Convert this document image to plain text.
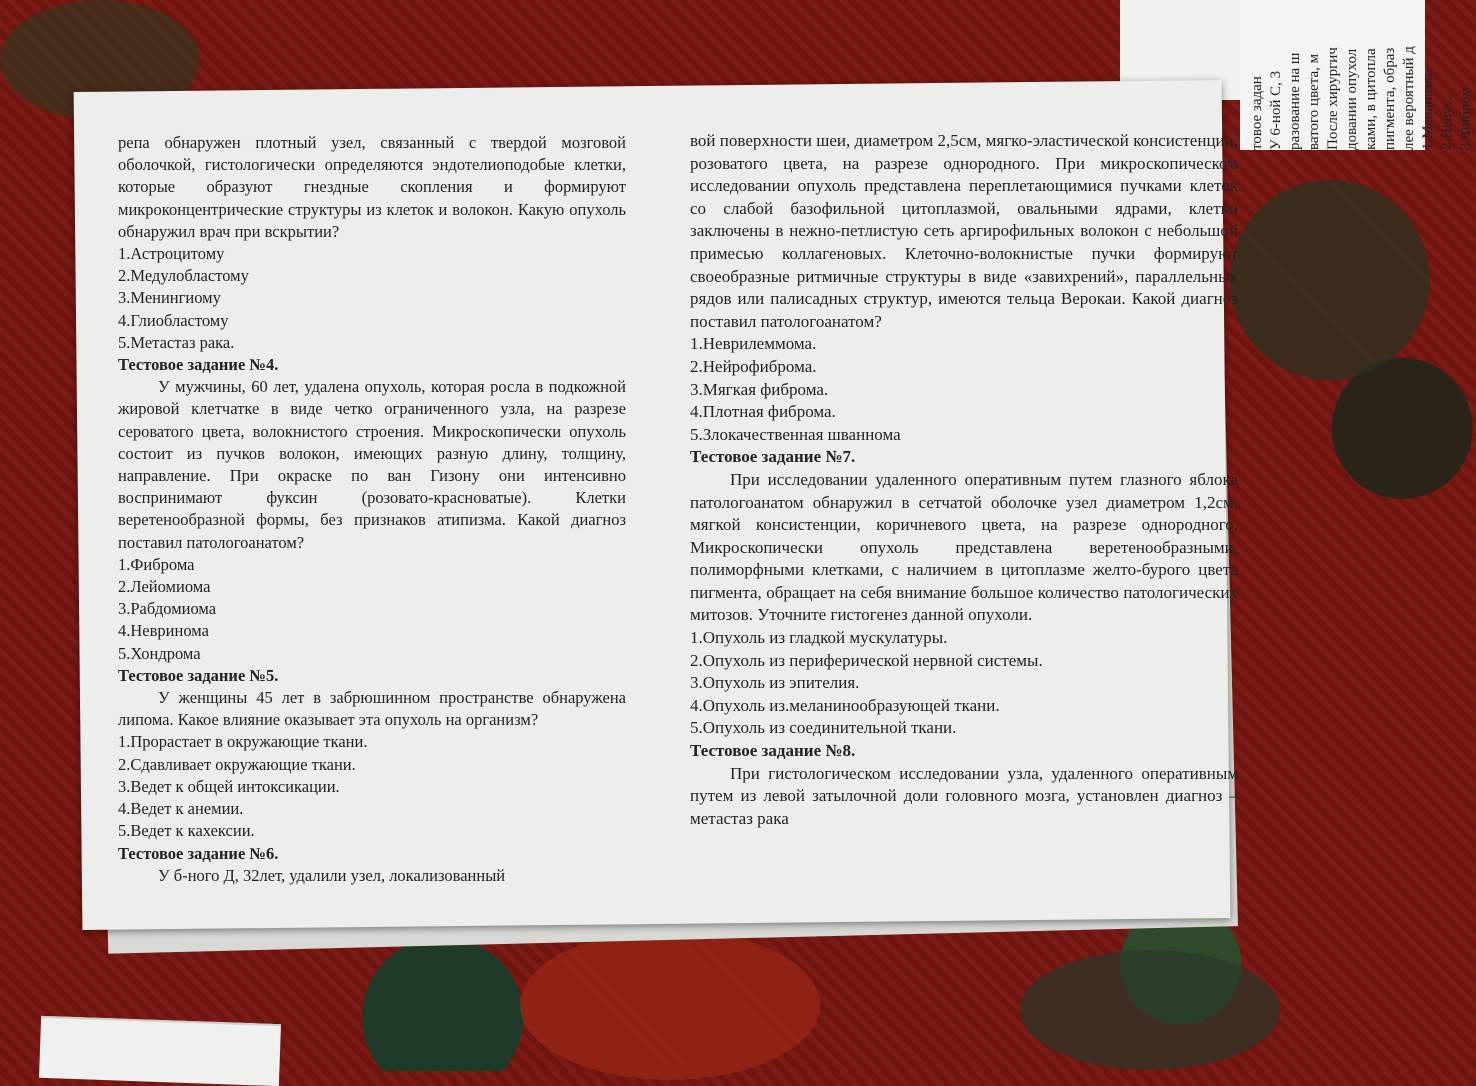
товое задан У 6-ной С, 3 разование на ш ватого цвета, м После хирургич довании опухол ками, в цитопла пигмента, образ лее вероятный д 1.Меланома. 2.Невус. 3.Фибром

репа обнаружен плотный узел, связанный с твердой мозговой оболочкой, гистологически определяются эндотелиоподобые клетки, которые образуют гнездные скопления и формируют микроконцентрические структуры из клеток и волокон. Какую опухоль обнаружил врач при вскрытии?

1.Астроцитому

2.Медулобластому

3.Менингиому

4.Глиобластому

5.Метастаз рака.

Тестовое задание №4.

У мужчины, 60 лет, удалена опухоль, которая росла в подкожной жировой клетчатке в виде четко ограниченного узла, на разрезе сероватого цвета, волокнистого строения. Микроскопически опухоль состоит из пучков волокон, имеющих разную длину, толщину, направление. При окраске по ван Гизону они интенсивно воспринимают фуксин (розовато-красноватые). Клетки веретенообразной формы, без признаков атипизма. Какой диагноз поставил патологоанатом?

1.Фиброма

2.Лейомиома

3.Рабдомиома

4.Невринома

5.Хондрома

Тестовое задание №5.

У женщины 45 лет в забрюшинном пространстве обнаружена липома. Какое влияние оказывает эта опухоль на организм?

1.Прорастает в окружающие ткани.

2.Сдавливает окружающие ткани.

3.Ведет к общей интоксикации.

4.Ведет к анемии.

5.Ведет к кахексии.

Тестовое задание №6.

У б-ного Д, 32лет, удалили узел, локализованный

вой поверхности шеи, диаметром 2,5см, мягко-эластической консистенции, розоватого цвета, на разрезе однородного. При микроскопическом исследовании опухоль представлена переплетающимися пучками клеток со слабой базофильной цитоплазмой, овальными ядрами, клетки заключены в нежно-петлистую сеть аргирофильных волокон с небольшой примесью коллагеновых. Клеточно-волокнистые пучки формируют своеобразные ритмичные структуры в виде «завихрений», параллельных рядов или палисадных структур, имеются тельца Верокаи. Какой диагноз поставил патологоанатом?

1.Неврилеммома.

2.Нейрофиброма.

3.Мягкая фиброма.

4.Плотная фиброма.

5.Злокачественная шваннома

Тестовое задание №7.

При исследовании удаленного оперативным путем глазного яблока патологоанатом обнаружил в сетчатой оболочке узел диаметром 1,2см, мягкой консистенции, коричневого цвета, на разрезе однородного. Микроскопически опухоль представлена веретенообразными, полиморфными клетками, с наличием в цитоплазме желто-бурого цвета пигмента, обращает на себя внимание большое количество патологических митозов. Уточните гистогенез данной опухоли.

1.Опухоль из гладкой мускулатуры.

2.Опухоль из периферической нервной системы.

3.Опухоль из эпителия.

4.Опухоль из.меланинообразующей ткани.

5.Опухоль из соединительной ткани.

Тестовое задание №8.

При гистологическом исследовании узла, удаленного оперативным путем из левой затылочной доли головного мозга, установлен диагноз – метастаз рака
